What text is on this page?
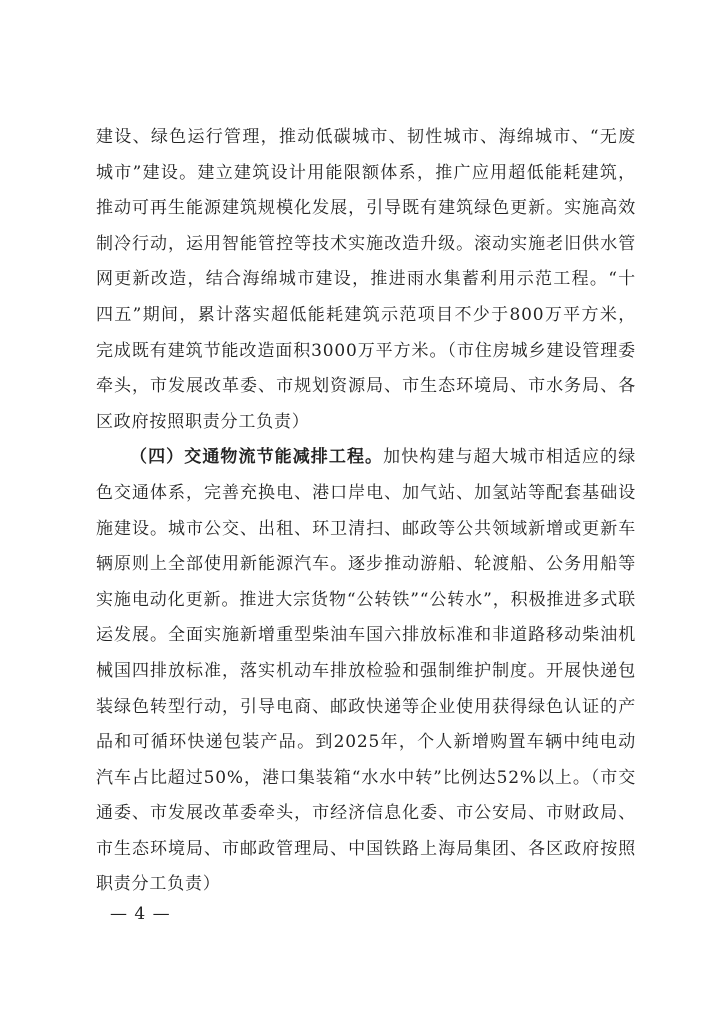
建设、绿色运行管理，推动低碳城市、韧性城市、海绵城市、“无废城市”建设。建立建筑设计用能限额体系，推广应用超低能耗建筑，推动可再生能源建筑规模化发展，引导既有建筑绿色更新。实施高效制冷行动，运用智能管控等技术实施改造升级。滚动实施老旧供水管网更新改造，结合海绵城市建设，推进雨水集蓄利用示范工程。“十四五”期间，累计落实超低能耗建筑示范项目不少于800万平方米，完成既有建筑节能改造面积3000万平方米。（市住房城乡建设管理委牵头，市发展改革委、市规划资源局、市生态环境局、市水务局、各区政府按照职责分工负责）

（四）交通物流节能减排工程。加快构建与超大城市相适应的绿色交通体系，完善充换电、港口岸电、加气站、加氢站等配套基础设施建设。城市公交、出租、环卫清扫、邮政等公共领域新增或更新车辆原则上全部使用新能源汽车。逐步推动游船、轮渡船、公务用船等实施电动化更新。推进大宗货物“公转铁”“公转水”，积极推进多式联运发展。全面实施新增重型柴油车国六排放标准和非道路移动柴油机械国四排放标准，落实机动车排放检验和强制维护制度。开展快递包装绿色转型行动，引导电商、邮政快递等企业使用获得绿色认证的产品和可循环快递包装产品。到2025年，个人新增购置车辆中纯电动汽车占比超过50%，港口集装箱“水水中转”比例达52%以上。（市交通委、市发展改革委牵头，市经济信息化委、市公安局、市财政局、市生态环境局、市邮政管理局、中国铁路上海局集团、各区政府按照职责分工负责）

— 4 —
